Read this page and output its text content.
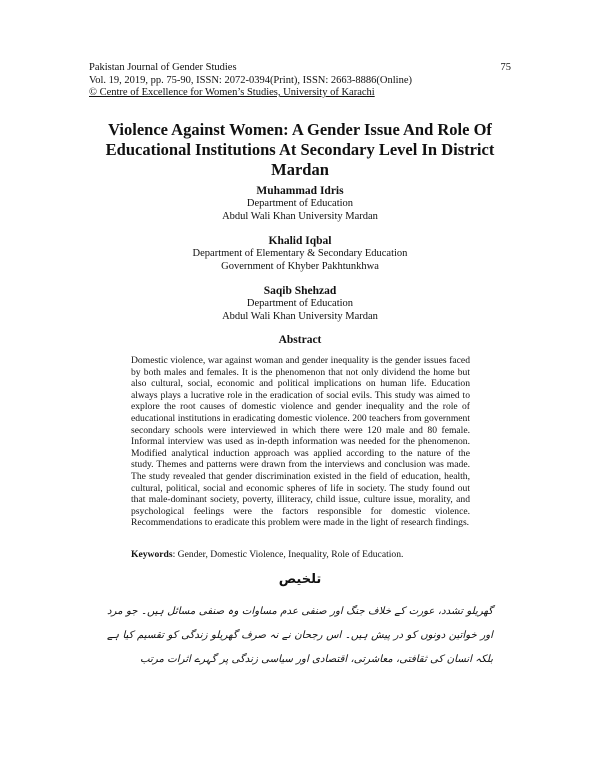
Pakistan Journal of Gender Studies
Vol. 19, 2019, pp. 75-90, ISSN: 2072-0394(Print), ISSN: 2663-8886(Online)
© Centre of Excellence for Women’s Studies, University of Karachi
75
Violence Against Women: A Gender Issue And Role Of Educational Institutions At Secondary Level In District Mardan
Muhammad Idris
Department of Education
Abdul Wali Khan University Mardan
Khalid Iqbal
Department of Elementary & Secondary Education
Government of Khyber Pakhtunkhwa
Saqib Shehzad
Department of Education
Abdul Wali Khan University Mardan
Abstract
Domestic violence, war against woman and gender inequality is the gender issues faced by both males and females. It is the phenomenon that not only dividend the home but also cultural, social, economic and political implications on human life. Education always plays a lucrative role in the eradication of social evils. This study was aimed to explore the root causes of domestic violence and gender inequality and the role of educational institutions in eradicating domestic violence. 200 teachers from government secondary schools were interviewed in which there were 120 male and 80 female. Informal interview was used as in-depth information was needed for the phenomenon. Modified analytical induction approach was applied according to the nature of the study. Themes and patterns were drawn from the interviews and conclusion was made. The study revealed that gender discrimination existed in the field of education, health, cultural, political, social and economic spheres of life in society. The study found out that male-dominant society, poverty, illiteracy, child issue, culture issue, morality, and psychological feelings were the factors responsible for domestic violence. Recommendations to eradicate this problem were made in the light of research findings.
Keywords: Gender, Domestic Violence, Inequality, Role of Education.
تلخیص
گھریلو تشدد، عورت کے خلاف جنگ اور صنفی عدم مساوات وہ صنفی مسائل ہیں۔ جو مرد اور خواتین دونوں کو در پیش ہیں۔ اس رجحان نے نہ صرف گھریلو زندگی کو تقسیم کیا ہے بلکہ انسان کی ثقافتی، معاشرتی، اقتصادی اور سیاسی زندگی پر گہرے اثرات مرتب
